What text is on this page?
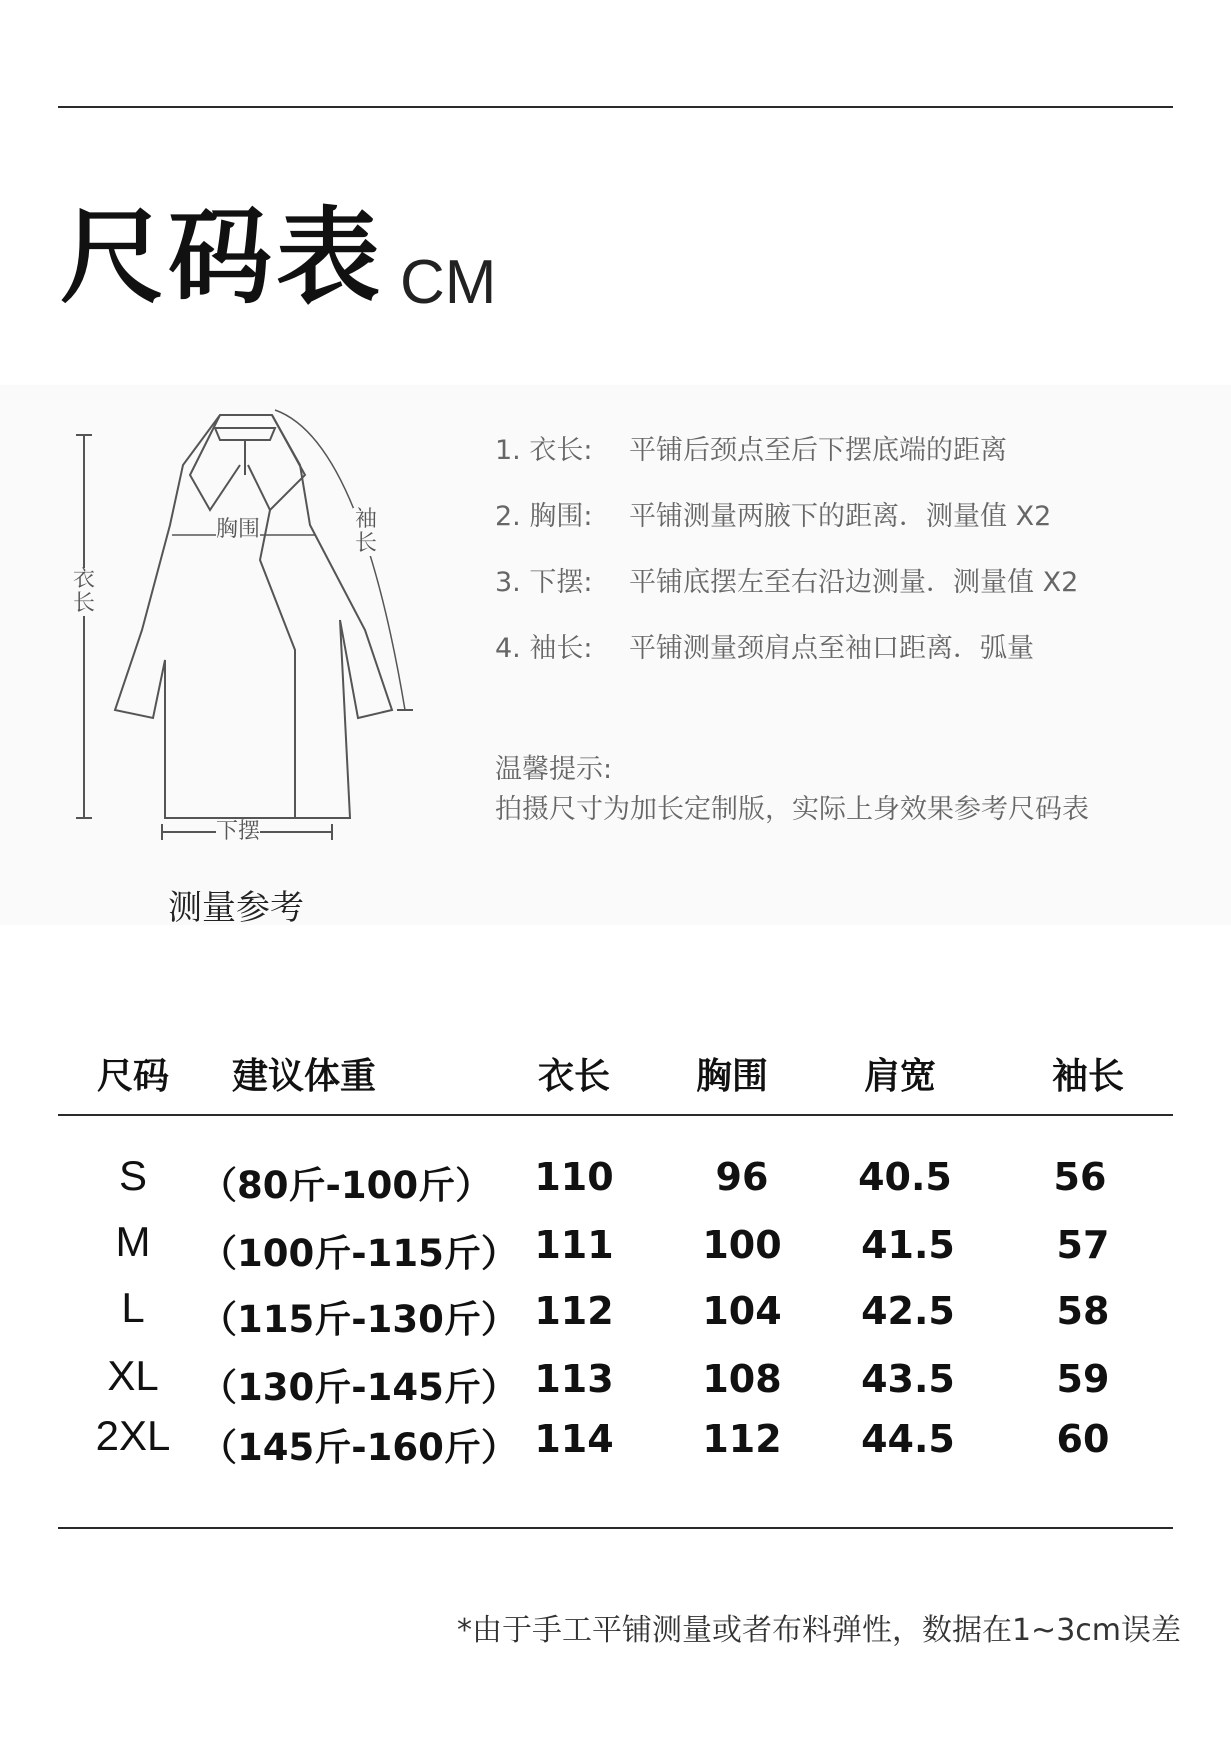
尺码表 CM
胸围	袖长
衣长
下摆
测量参考
1. 衣长:	平铺后颈点至后下摆底端的距离
2. 胸围:	平铺测量两腋下的距离．测量值 X2
3. 下摆:	平铺底摆左至右沿边测量．测量值 X2
4. 袖长:	平铺测量颈肩点至袖口距离．弧量
温馨提示:
拍摄尺寸为加长定制版，实际上身效果参考尺码表
尺码 建议体重	衣长 胸围	肩宽	袖长
S	（80斤-100斤）	110	96	40.5	56
M	（100斤-115斤） 111	100	41.5	57
L	（115斤-130斤） 112	104	42.5	58
XL	（130斤-145斤） 113	108	43.5	59
2XL （145斤-160斤） 114	112	44.5	60
*由于手工平铺测量或者布料弹性，数据在1~3cm误差
